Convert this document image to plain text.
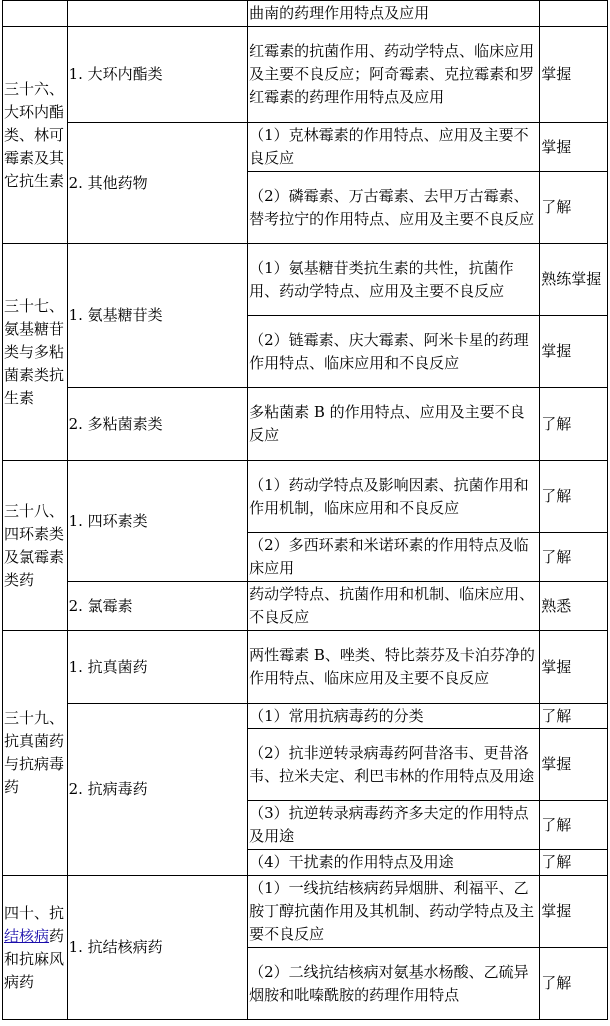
		曲南的药理作用特点及应用	
三十六、大环内酯类、林可霉素及其它抗生素	1. 大环内酯类	红霉素的抗菌作用、药动学特点、临床应用及主要不良反应；阿奇霉素、克拉霉素和罗红霉素的药理作用特点及应用	掌握
	2. 其他药物	（1）克林霉素的作用特点、应用及主要不良反应	掌握
		（2）磷霉素、万古霉素、去甲万古霉素、替考拉宁的作用特点、应用及主要不良反应	了解
三十七、氨基糖苷类与多粘菌素类抗生素	1. 氨基糖苷类	（1）氨基糖苷类抗生素的共性，抗菌作用、药动学特点、应用及主要不良反应	熟练掌握
		（2）链霉素、庆大霉素、阿米卡星的药理作用特点、临床应用和不良反应	掌握
	2. 多粘菌素类	多粘菌素 B 的作用特点、应用及主要不良反应	了解
三十八、四环素类及氯霉素类药	1. 四环素类	（1）药动学特点及影响因素、抗菌作用和作用机制，临床应用和不良反应	了解
		（2）多西环素和米诺环素的作用特点及临床应用	了解
	2. 氯霉素	药动学特点、抗菌作用和机制、临床应用、不良反应	熟悉
三十九、抗真菌药与抗病毒药	1. 抗真菌药	两性霉素 B、唑类、特比萘芬及卡泊芬净的作用特点、临床应用及主要不良反应	掌握
	2. 抗病毒药	（1）常用抗病毒药的分类	了解
		（2）抗非逆转录病毒药阿昔洛韦、更昔洛韦、拉米夫定、利巴韦林的作用特点及用途	掌握
		（3）抗逆转录病毒药齐多夫定的作用特点及用途	了解
		（4）干扰素的作用特点及用途	了解
四十、抗结核病药和抗麻风病药	1. 抗结核病药	（1）一线抗结核病药异烟肼、利福平、乙胺丁醇抗菌作用及其机制、药动学特点及主要不良反应	掌握
		（2）二线抗结核病对氨基水杨酸、乙硫异烟胺和吡嗪酰胺的药理作用特点	了解
